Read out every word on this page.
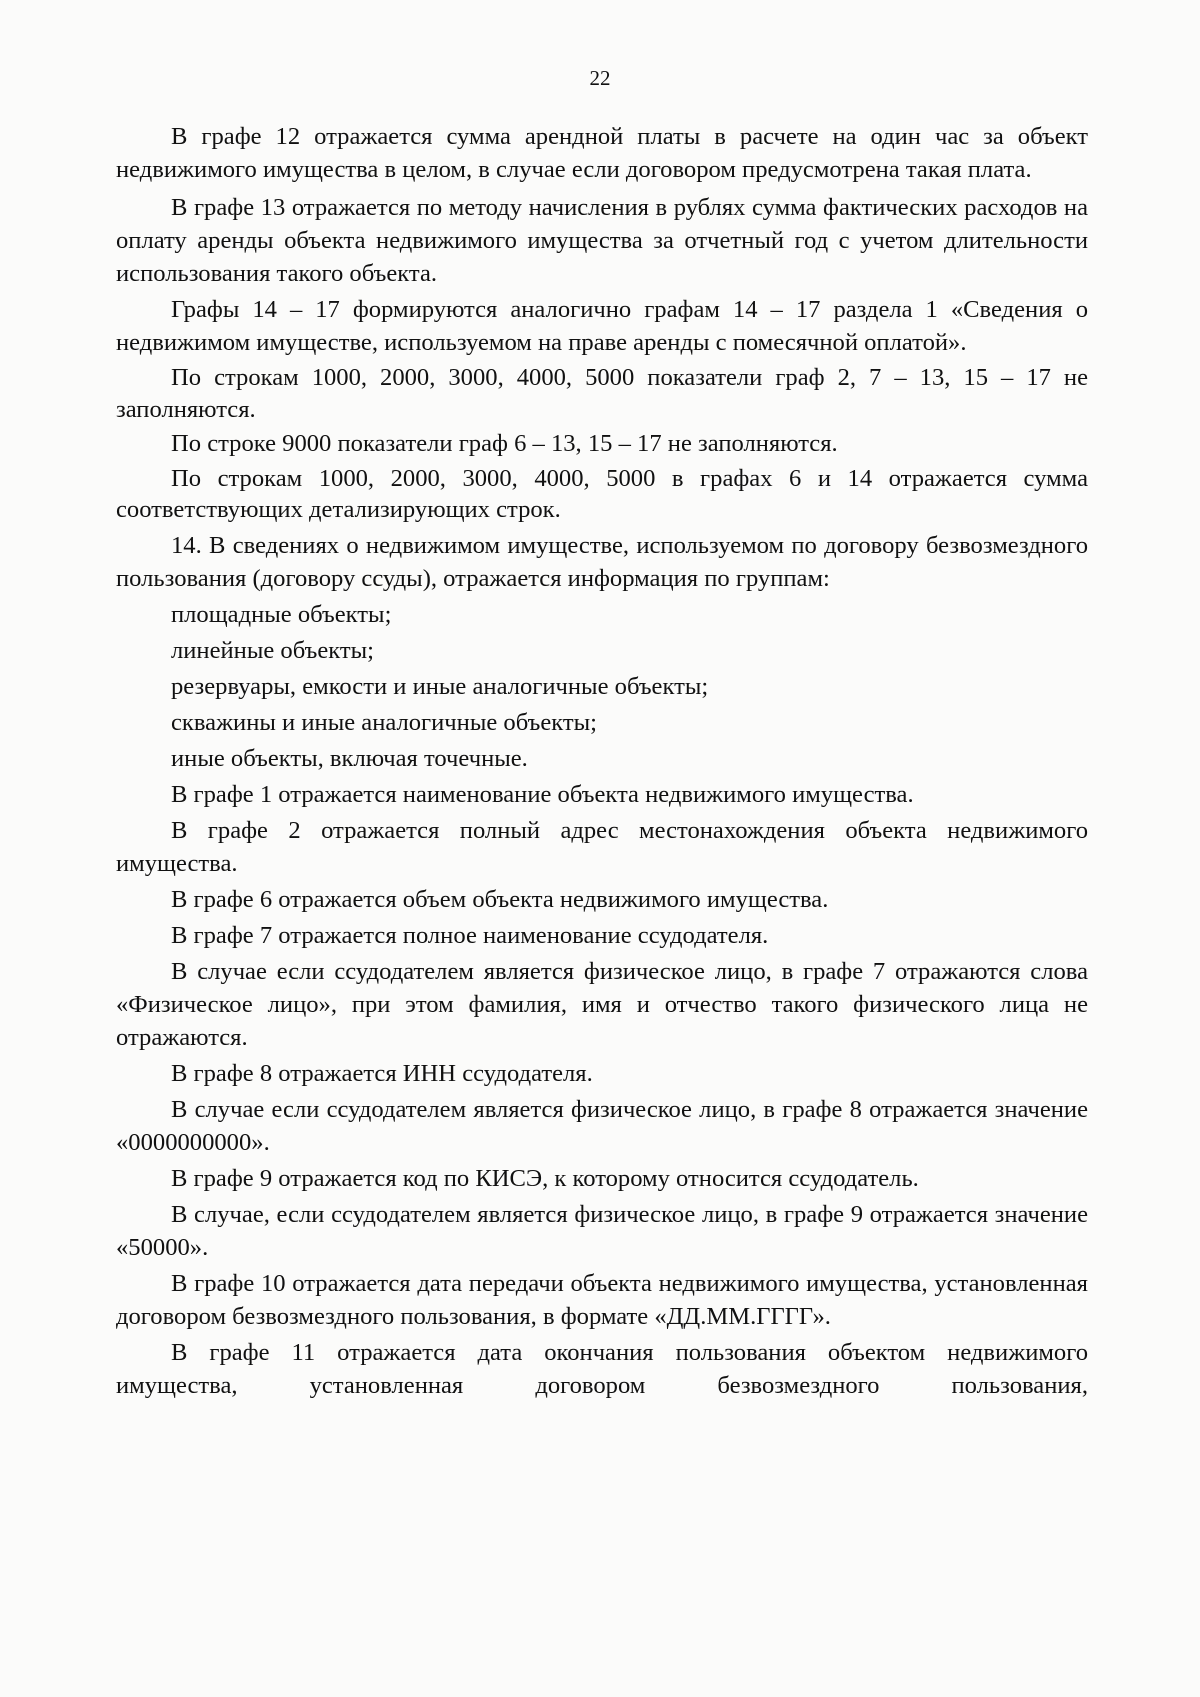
22

В графе 12 отражается сумма арендной платы в расчете на один час за объект недвижимого имущества в целом, в случае если договором предусмотрена такая плата.

В графе 13 отражается по методу начисления в рублях сумма фактических расходов на оплату аренды объекта недвижимого имущества за отчетный год с учетом длительности использования такого объекта.

Графы 14 – 17 формируются аналогично графам 14 – 17 раздела 1 «Сведения о недвижимом имуществе, используемом на праве аренды с помесячной оплатой».

По строкам 1000, 2000, 3000, 4000, 5000 показатели граф 2, 7 – 13, 15 – 17 не заполняются.

По строке 9000 показатели граф 6 – 13, 15 – 17 не заполняются.

По строкам 1000, 2000, 3000, 4000, 5000 в графах 6 и 14 отражается сумма соответствующих детализирующих строк.

14. В сведениях о недвижимом имуществе, используемом по договору безвозмездного пользования (договору ссуды), отражается информация по группам:

площадные объекты;

линейные объекты;

резервуары, емкости и иные аналогичные объекты;

скважины и иные аналогичные объекты;

иные объекты, включая точечные.

В графе 1 отражается наименование объекта недвижимого имущества.

В графе 2 отражается полный адрес местонахождения объекта недвижимого имущества.

В графе 6 отражается объем объекта недвижимого имущества.

В графе 7 отражается полное наименование ссудодателя.

В случае если ссудодателем является физическое лицо, в графе 7 отражаются слова «Физическое лицо», при этом фамилия, имя и отчество такого физического лица не отражаются.

В графе 8 отражается ИНН ссудодателя.

В случае если ссудодателем является физическое лицо, в графе 8 отражается значение «0000000000».

В графе 9 отражается код по КИСЭ, к которому относится ссудодатель.

В случае, если ссудодателем является физическое лицо, в графе 9 отражается значение «50000».

В графе 10 отражается дата передачи объекта недвижимого имущества, установленная договором безвозмездного пользования, в формате «ДД.ММ.ГГГГ».

В графе 11 отражается дата окончания пользования объектом недвижимого имущества, установленная договором безвозмездного пользования,
